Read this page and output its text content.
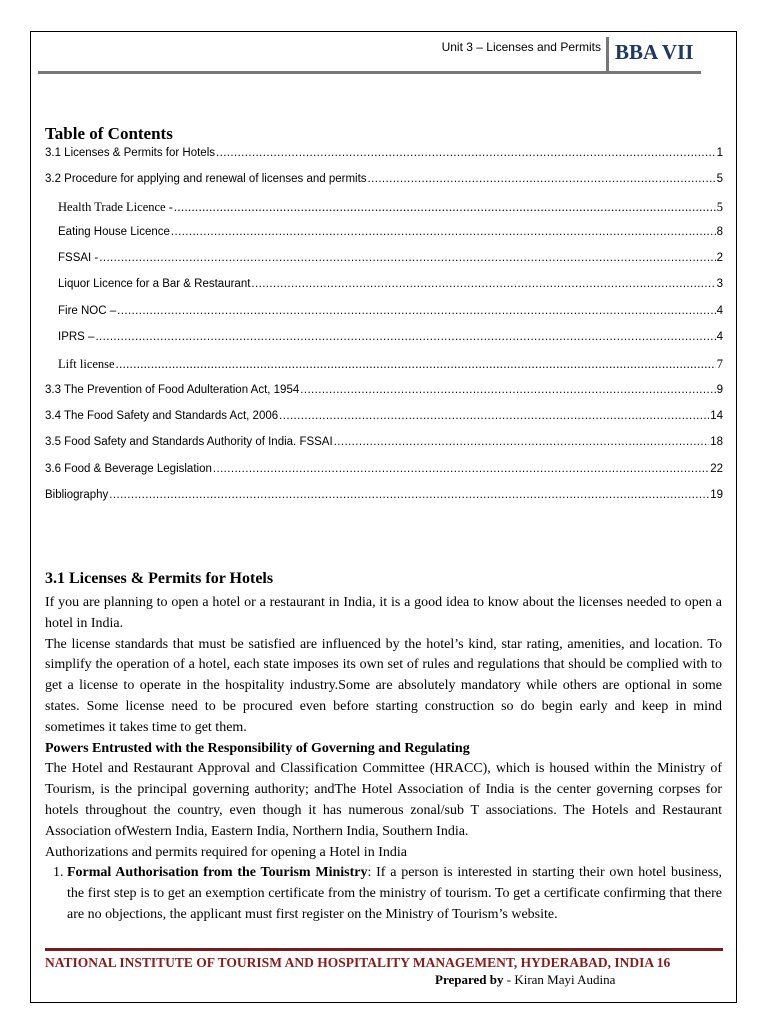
Unit 3 – Licenses and Permits BBA VII
Table of Contents
3.1 Licenses & Permits for Hotels .....	1
3.2 Procedure for applying and renewal of licenses and permits .....	5
Health Trade Licence - .....	5
Eating House Licence .....	8
FSSAI - .....	2
Liquor Licence for a Bar & Restaurant .....	3
Fire NOC – .....	4
IPRS – .....	4
Lift license .....	7
3.3 The Prevention of Food Adulteration Act, 1954 .....	9
3.4 The Food Safety and Standards Act, 2006 .....	14
3.5 Food Safety and Standards Authority of India. FSSAI .....	18
3.6 Food & Beverage Legislation .....	22
Bibliography .....	19
3.1 Licenses & Permits for Hotels

If you are planning to open a hotel or a restaurant in India, it is a good idea to know about the licenses needed to open a hotel in India.

The license standards that must be satisfied are influenced by the hotel’s kind, star rating, amenities, and location. To simplify the operation of a hotel, each state imposes its own set of rules and regulations that should be complied with to get a license to operate in the hospitality industry.Some are absolutely mandatory while others are optional in some states. Some license need to be procured even before starting construction so do begin early and keep in mind sometimes it takes time to get them.

Powers Entrusted with the Responsibility of Governing and Regulating

The Hotel and Restaurant Approval and Classification Committee (HRACC), which is housed within the Ministry of Tourism, is the principal governing authority; andThe Hotel Association of India is the center governing corpses for hotels throughout the country, even though it has numerous zonal/sub T associations. The Hotels and Restaurant Association ofWestern India, Eastern India, Northern India, Southern India.

Authorizations and permits required for opening a Hotel in India

1. Formal Authorisation from the Tourism Ministry: If a person is interested in starting their own hotel business, the first step is to get an exemption certificate from the ministry of tourism. To get a certificate confirming that there are no objections, the applicant must first register on the Ministry of Tourism’s website.
NATIONAL INSTITUTE OF TOURISM AND HOSPITALITY MANAGEMENT, HYDERABAD, INDIA 16
Prepared by - Kiran Mayi Audina
